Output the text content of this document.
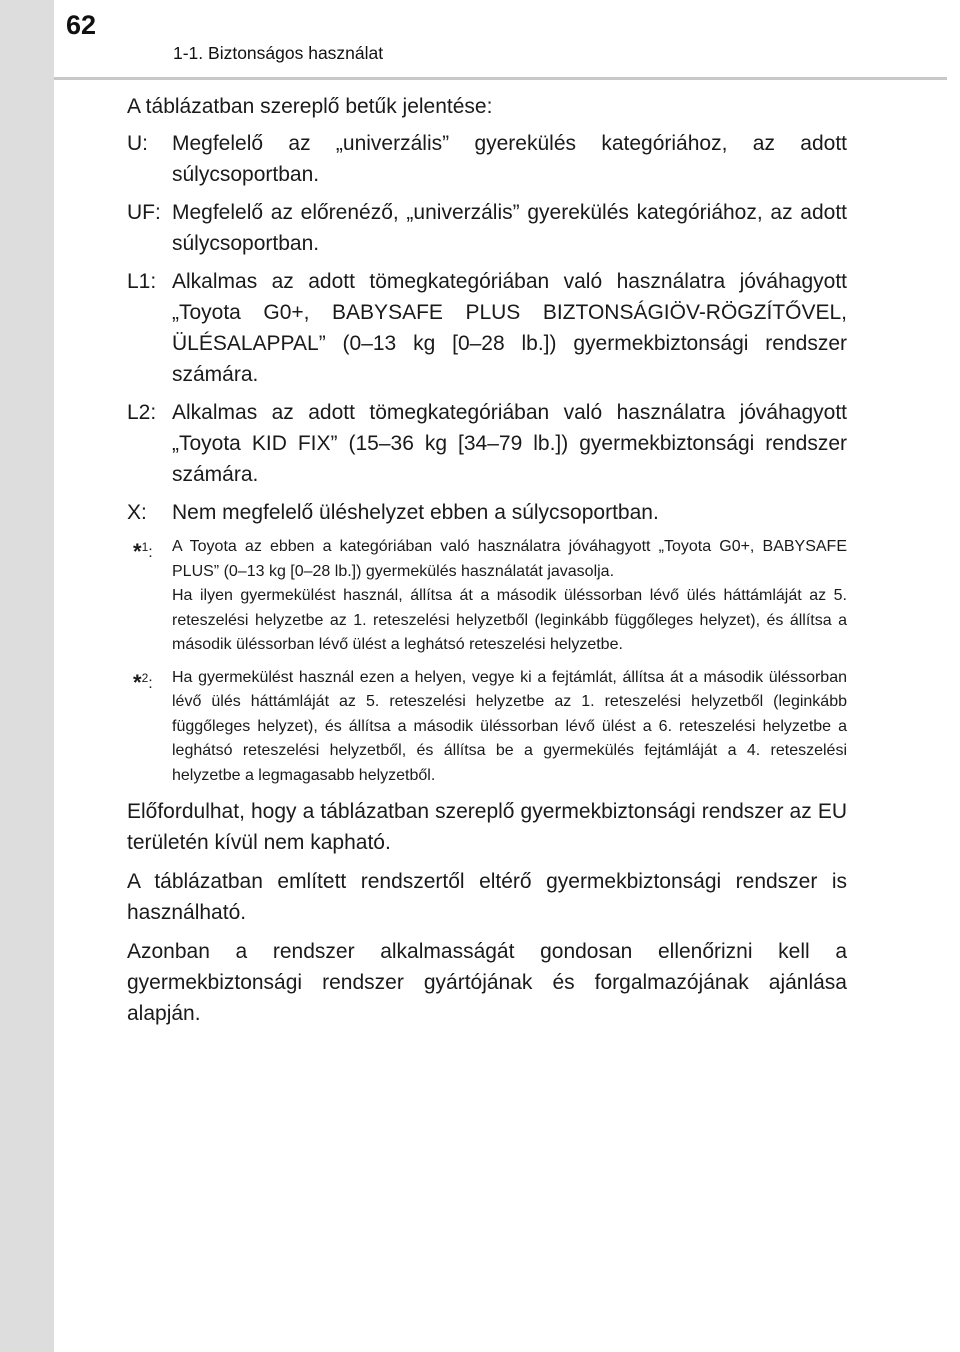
62
1-1. Biztonságos használat

A táblázatban szereplő betűk jelentése:

U:	Megfelelő az „univerzális” gyerekülés kategóriához, az adott súlycsoportban.
UF: Megfelelő az előrenéző, „univerzális” gyerekülés kategóriához, az adott súlycsoportban.
L1: Alkalmas az adott tömegkategóriában való használatra jóváhagyott „Toyota G0+, BABYSAFE PLUS BIZTONSÁGIÖV-RÖGZÍTŐVEL, ÜLÉSALAPPAL” (0–13 kg [0–28 lb.]) gyermekbiztonsági rendszer számára.
L2: Alkalmas az adott tömegkategóriában való használatra jóváhagyott „Toyota KID FIX” (15–36 kg [34–79 lb.]) gyermekbiztonsági rendszer számára.
X:	Nem megfelelő üléshelyzet ebben a súlycsoportban.
*$^1$:	A Toyota az ebben a kategóriában való használatra jóváhagyott „Toyota G0+, BABYSAFE PLUS” (0–13 kg [0–28 lb.]) gyermekülés használatát javasolja.
Ha ilyen gyermekülést használ, állítsa át a második üléssorban lévő ülés háttámláját az 5. reteszelési helyzetbe az 1. reteszelési helyzetből (leginkább függőleges helyzet), és állítsa a második üléssorban lévő ülést a leghátsó reteszelési helyzetbe.
*$^2$:	Ha gyermekülést használ ezen a helyen, vegye ki a fejtámlát, állítsa át a második üléssorban lévő ülés háttámláját az 5. reteszelési helyzetbe az 1. reteszelési helyzetből (leginkább függőleges helyzet), és állítsa a második üléssorban lévő ülést a 6. reteszelési helyzetbe a leghátsó reteszelési helyzetből, és állítsa be a gyermekülés fejtámláját a 4. reteszelési helyzetbe a legmagasabb helyzetből.

Előfordulhat, hogy a táblázatban szereplő gyermekbiztonsági rendszer az EU területén kívül nem kapható.

A táblázatban említett rendszertől eltérő gyermekbiztonsági rendszer is használható.

Azonban a rendszer alkalmasságát gondosan ellenőrizni kell a gyermekbiztonsági rendszer gyártójának és forgalmazójának ajánlása alapján.
